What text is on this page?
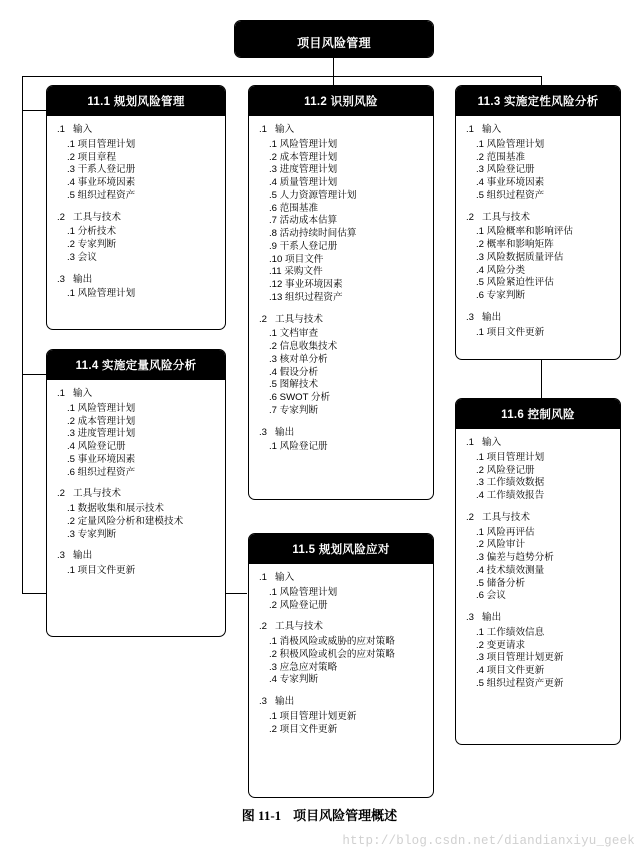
项目风险管理
11.1 规划风险管理
.1 输入
.1 项目管理计划
.2 项目章程
.3 干系人登记册
.4 事业环境因素
.5 组织过程资产
.2 工具与技术
.1 分析技术
.2 专家判断
.3 会议
.3 输出
.1 风险管理计划
11.2 识别风险
.1 输入
.1 风险管理计划
.2 成本管理计划
.3 进度管理计划
.4 质量管理计划
.5 人力资源管理计划
.6 范围基准
.7 活动成本估算
.8 活动持续时间估算
.9 干系人登记册
.10 项目文件
.11 采购文件
.12 事业环境因素
.13 组织过程资产
.2 工具与技术
.1 文档审查
.2 信息收集技术
.3 核对单分析
.4 假设分析
.5 图解技术
.6 SWOT 分析
.7 专家判断
.3 输出
.1 风险登记册
11.3 实施定性风险分析
.1 输入
.1 风险管理计划
.2 范围基准
.3 风险登记册
.4 事业环境因素
.5 组织过程资产
.2 工具与技术
.1 风险概率和影响评估
.2 概率和影响矩阵
.3 风险数据质量评估
.4 风险分类
.5 风险紧迫性评估
.6 专家判断
.3 输出
.1 项目文件更新
11.4 实施定量风险分析
.1 输入
.1 风险管理计划
.2 成本管理计划
.3 进度管理计划
.4 风险登记册
.5 事业环境因素
.6 组织过程资产
.2 工具与技术
.1 数据收集和展示技术
.2 定量风险分析和建模技术
.3 专家判断
.3 输出
.1 项目文件更新
11.5 规划风险应对
.1 输入
.1 风险管理计划
.2 风险登记册
.2 工具与技术
.1 消极风险或威胁的应对策略
.2 积极风险或机会的应对策略
.3 应急应对策略
.4 专家判断
.3 输出
.1 项目管理计划更新
.2 项目文件更新
11.6 控制风险
.1 输入
.1 项目管理计划
.2 风险登记册
.3 工作绩效数据
.4 工作绩效报告
.2 工具与技术
.1 风险再评估
.2 风险审计
.3 偏差与趋势分析
.4 技术绩效测量
.5 储备分析
.6 会议
.3 输出
.1 工作绩效信息
.2 变更请求
.3 项目管理计划更新
.4 项目文件更新
.5 组织过程资产更新
图 11-1 项目风险管理概述
http://blog.csdn.net/diandianxiyu_geek
